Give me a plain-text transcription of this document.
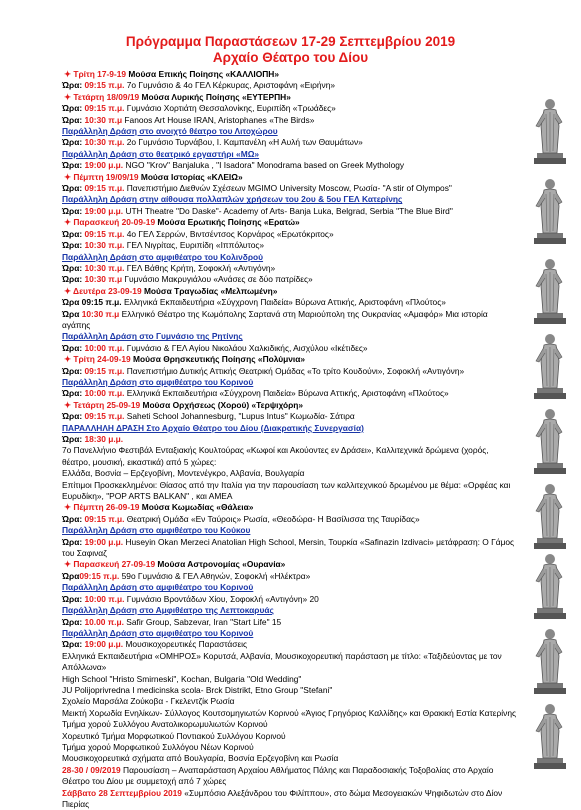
Πρόγραμμα Παραστάσεων 17-29 Σεπτεμβρίου 2019
Αρχαίο Θέατρο του Δίου
✦ Τρίτη 17-9-19 Μούσα Επικής Ποίησης «ΚΑΛΛΙΟΠΗ»
Ώρα: 09:15 π.μ. 7ο Γυμνάσιο & 4ο ΓΕΛ Κέρκυρας, Αριστοφάνη «Ειρήνη»
✦ Τετάρτη 18/09/19 Μούσα Λυρικής Ποίησης «ΕΥΤΕΡΠΗ»
Ώρα: 09:15 π.μ. Γυμνάσιο Χορτιάτη Θεσσαλονίκης, Ευριπίδη «Τρωάδες»
Ώρα: 10:30 π.μ Fanoos Art House IRAN, Aristophanes «The Birds»
Παράλληλη Δράση στο ανοιχτό θέατρο του Λιτοχώρου
Ώρα: 10:30 π.μ. 2ο Γυμνάσιο Τυρνάβου, Ι. Καμπανέλη «Η Αυλή των Θαυμάτων»
Παράλληλη Δράση στο θεατρικό εργαστήρι «ΜΩ»
Ώρα: 19:00 μ.μ. NGO "Krov" Banjaluka , "I Isadora" Monodrama based on Greek Mythology
✦ Πέμπτη 19/09/19 Μούσα Ιστορίας «ΚΛΕΙΩ»
Ώρα: 09:15 π.μ. Πανεπιστήμιο Διεθνών Σχέσεων MGIMO University Moscow, Ρωσία- "A stir of Olympos"
Παράλληλη Δράση στην αίθουσα πολλαπλών χρήσεων του 2ου & 5ου ΓΕΛ Κατερίνης
Ώρα: 19:00 μ.μ. UTH Theatre "Do Daske"- Academy of Arts- Banja Luka, Belgrad, Serbia "The Blue Bird"
✦ Παρασκευή 20-09-19 Μούσα Ερωτικής Ποίησης «Ερατώ»
Ώρα: 09:15 π.μ. 4ο ΓΕΛ Σερρών, Βιντσέντσος Κορνάρος «Ερωτόκριτος»
Ώρα: 10:30 π.μ. ΓΕΛ Νιγρίτας, Ευριπίδη «Ιππόλυτος»
Παράλληλη Δράση στο αμφιθέατρο του Κολινδρού
Ώρα: 10:30 π.μ. ΓΕΛ Βάθης Κρήτη, Σοφοκλή «Αντιγόνη»
Ώρα: 10:30 π.μ Γυμνάσιο Μακρυγιάλου «Ανάσες σε δύο πατρίδες»
✦ Δευτέρα 23-09-19 Μούσα Τραγωδίας «Μελπωμένη»
Ώρα 09:15 π.μ. Ελληνικά Εκπαιδευτήρια «Σύγχρονη Παιδεία» Βύρωνα Αττικής, Αριστοφάνη «Πλούτος»
Ώρα 10:30 π.μ Ελληνικό Θέατρο της Κωμόπολης Σαρτανά στη Μαριούπολη της Ουκρανίας «Αμαφόρ» Μια ιστορία αγάπης
Παράλληλη Δράση στο Γυμνάσιο της Ρητίνης
Ώρα: 10:00 π.μ. Γυμνάσιο & ΓΕΛ Αγίου Νικολάου Χαλκιδικής, Αισχύλου «Ικέτιδες»
✦ Τρίτη 24-09-19 Μούσα Θρησκευτικής Ποίησης «Πολύμνια»
Ώρα: 09:15 π.μ. Πανεπιστήμιο Δυτικής Αττικής Θεατρική Ομάδας «Το τρίτο Κουδούνι», Σοφοκλή «Αντιγόνη»
Παράλληλη Δράση στο αμφιθέατρο του Κορινού
Ώρα: 10:00 π.μ. Ελληνικά Εκπαιδευτήρια «Σύγχρονη Παιδεία» Βύρωνα Αττικής, Αριστοφάνη «Πλούτος»
✦ Τετάρτη 25-09-19 Μούσα Ορχήσεως (Χορού) «Τερψιχόρη»
Ώρα: 09:15 π.μ. Saheti School Johannesburg, "Lupus Intus" Κωμωδία- Σάτιρα
ΠΑΡΑΛΛΗΛΗ ΔΡΑΣΗ Στο Αρχαίο Θέατρο του Δίου (Διακρατικής Συνεργασία)
Ώρα: 18:30 μ.μ.
7ο Πανελλήνιο Φεστιβάλ Ενταξιακής Κουλτούρας «Κωφοί και Ακούοντες εν Δράσει», Καλλιτεχνικά δρώμενα (χορός, θέατρο, μουσική, εικαστικά) από 5 χώρες:
Ελλάδα, Βοσνία – Ερζεγοβίνη, Μοντενέγκρο, Αλβανία, Βουλγαρία
Επίτιμοι Προσκεκλημένοι: Θίασος από την Ιταλία για την παρουσίαση των καλλιτεχνικού δρωμένου με θέμα: «Ορφέας και Ευρυδίκη», "POP ARTS BALKAN" , και ΑΜΕΑ
✦ Πέμπτη 26-09-19 Μούσα Κωμωδίας «Θάλεια»
Ώρα: 09:15 π.μ. Θεατρική Ομάδα «Εν Ταύροις» Ρωσία, «Θεοδώρα- Η Βασίλισσα της Ταυρίδας»
Παράλληλη Δράση στο αμφιθέατρο του Κούκου
Ώρα: 19:00 μ.μ. Huseyin Okan Merzeci Anatolian High School, Mersin, Τουρκία «Safinazin Izdivaci» μετάφραση: Ο Γάμος του Σαφιναζ
✦ Παρασκευή 27-09-19 Μούσα Αστρονομίας «Ουρανία»
Ώρα09:15 π.μ. 59ο Γυμνάσιο & ΓΕΛ Αθηνών, Σοφοκλή «Ηλέκτρα»
Παράλληλη Δράση στο αμφιθέατρο του Κορινού
Ώρα: 10:00 π.μ. Γυμνάσιο Βροντάδων Χίου, Σοφοκλή «Αντιγόνη» 20
Παράλληλη Δράση στο Αμφιθέατρο της Λεπτοκαρυάς
Ώρα: 10.00 π.μ. Safir Group, Sabzevar, Iran "Start Life" 15
Παράλληλη Δράση στο αμφιθέατρο του Κορινού
Ώρα: 19:00 μ.μ. Μουσικοχορευτικές Παραστάσεις
Ελληνικά Εκπαιδευτήρια «ΟΜΗΡΟΣ» Κορυτσά, Αλβανία, Μουσικοχορευτική παράσταση με τίτλο: «Ταξιδεύοντας με τον Απόλλωνα»
High School "Hristo Smirneski", Kochan, Bulgaria "Old Wedding"
JU Polijoprivredna I medicinska scola- Brck Distrikt, Etno Group "Stefani"
Σχολείο Μαρσάλα Ζούκοβα - Γκελεντζίκ Ρωσία
Μεικτή Χορωδία Ενηλίκων- Σύλλογος Κουτσομηγιωτών Κορινού «Άγιος Γρηγόριος Καλλίδης» και Θρακική Εστία Κατερίνης
Τμήμα χορού Συλλόγου Ανατολικορωμυλιωτών Κορινού
Χορευτικό Τμήμα Μορφωτικού Ποντιακού Συλλόγου Κορινού
Τμήμα χορού Μορφωτικού Συλλόγου Νέων Κορινού
Μουσικοχορευτικά σχήματα από Βουλγαρία, Βοσνία Ερζεγοβίνη και Ρωσία
28-30 / 09/2019 Παρουσίαση – Αναπαράσταση Αρχαίου Αθλήματος Πάλης και Παραδοσιακής Τοξοβολίας στο Αρχαίο Θέατρο του Δίου με συμμετοχή από 7 χώρες
Σάββατο 28 Σεπτεμβρίου 2019 «Συμπόσιο Αλεξάνδρου του Φιλίππου», στο δώμα Μεσογειακών Ψηφιδωτών στο Δίον Πιερίας
